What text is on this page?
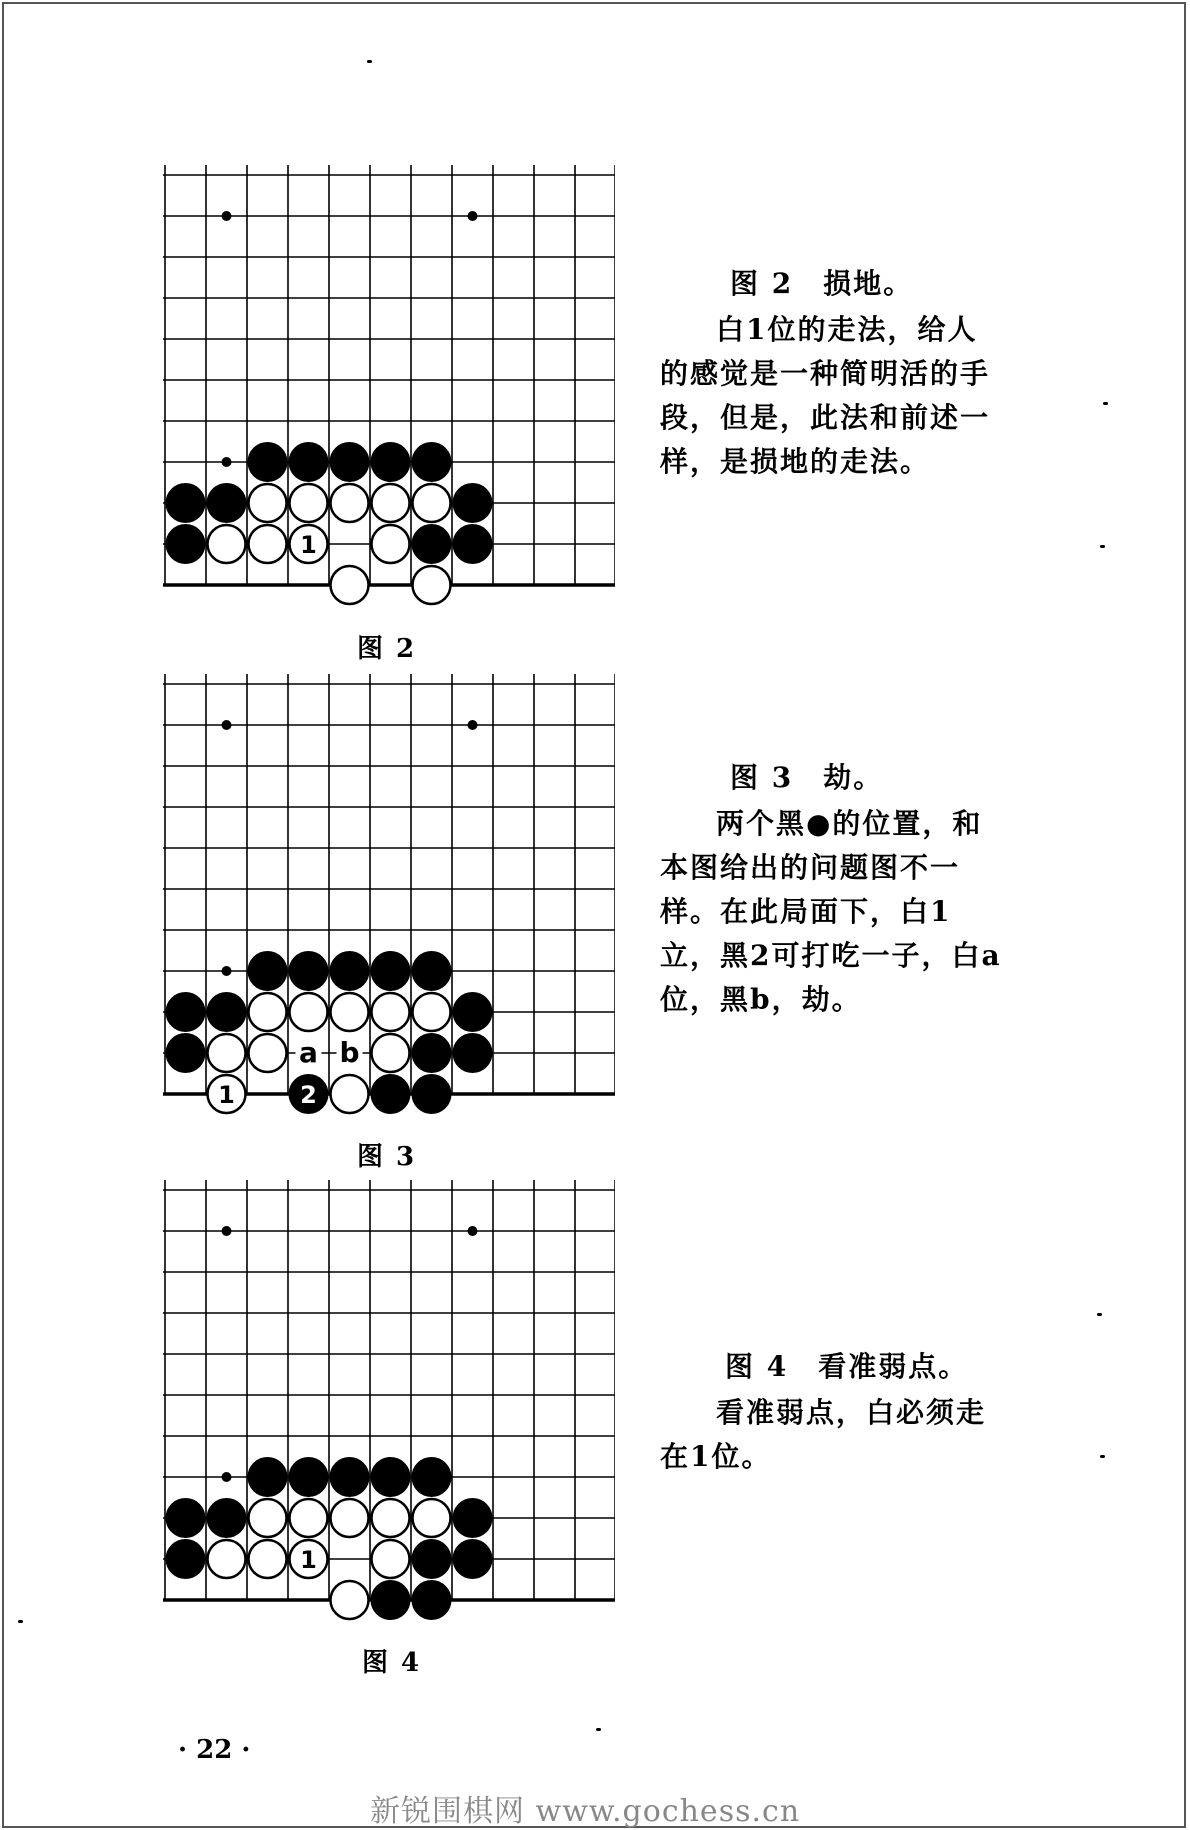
1
图 2
图 2　损地。
白1位的走法，给人的感觉是一种简明活的手段，但是，此法和前述一样，是损地的走法。
1	2
a b
图 3
图 3　劫。
两个黑●的位置，和本图给出的问题图不一样。在此局面下，白1立，黑2可打吃一子，白a位，黑b，劫。
1
图 4
图 4　看准弱点。
看准弱点，白必须走在1位。
· 22 ·
新锐围棋网 www.gochess.cn
